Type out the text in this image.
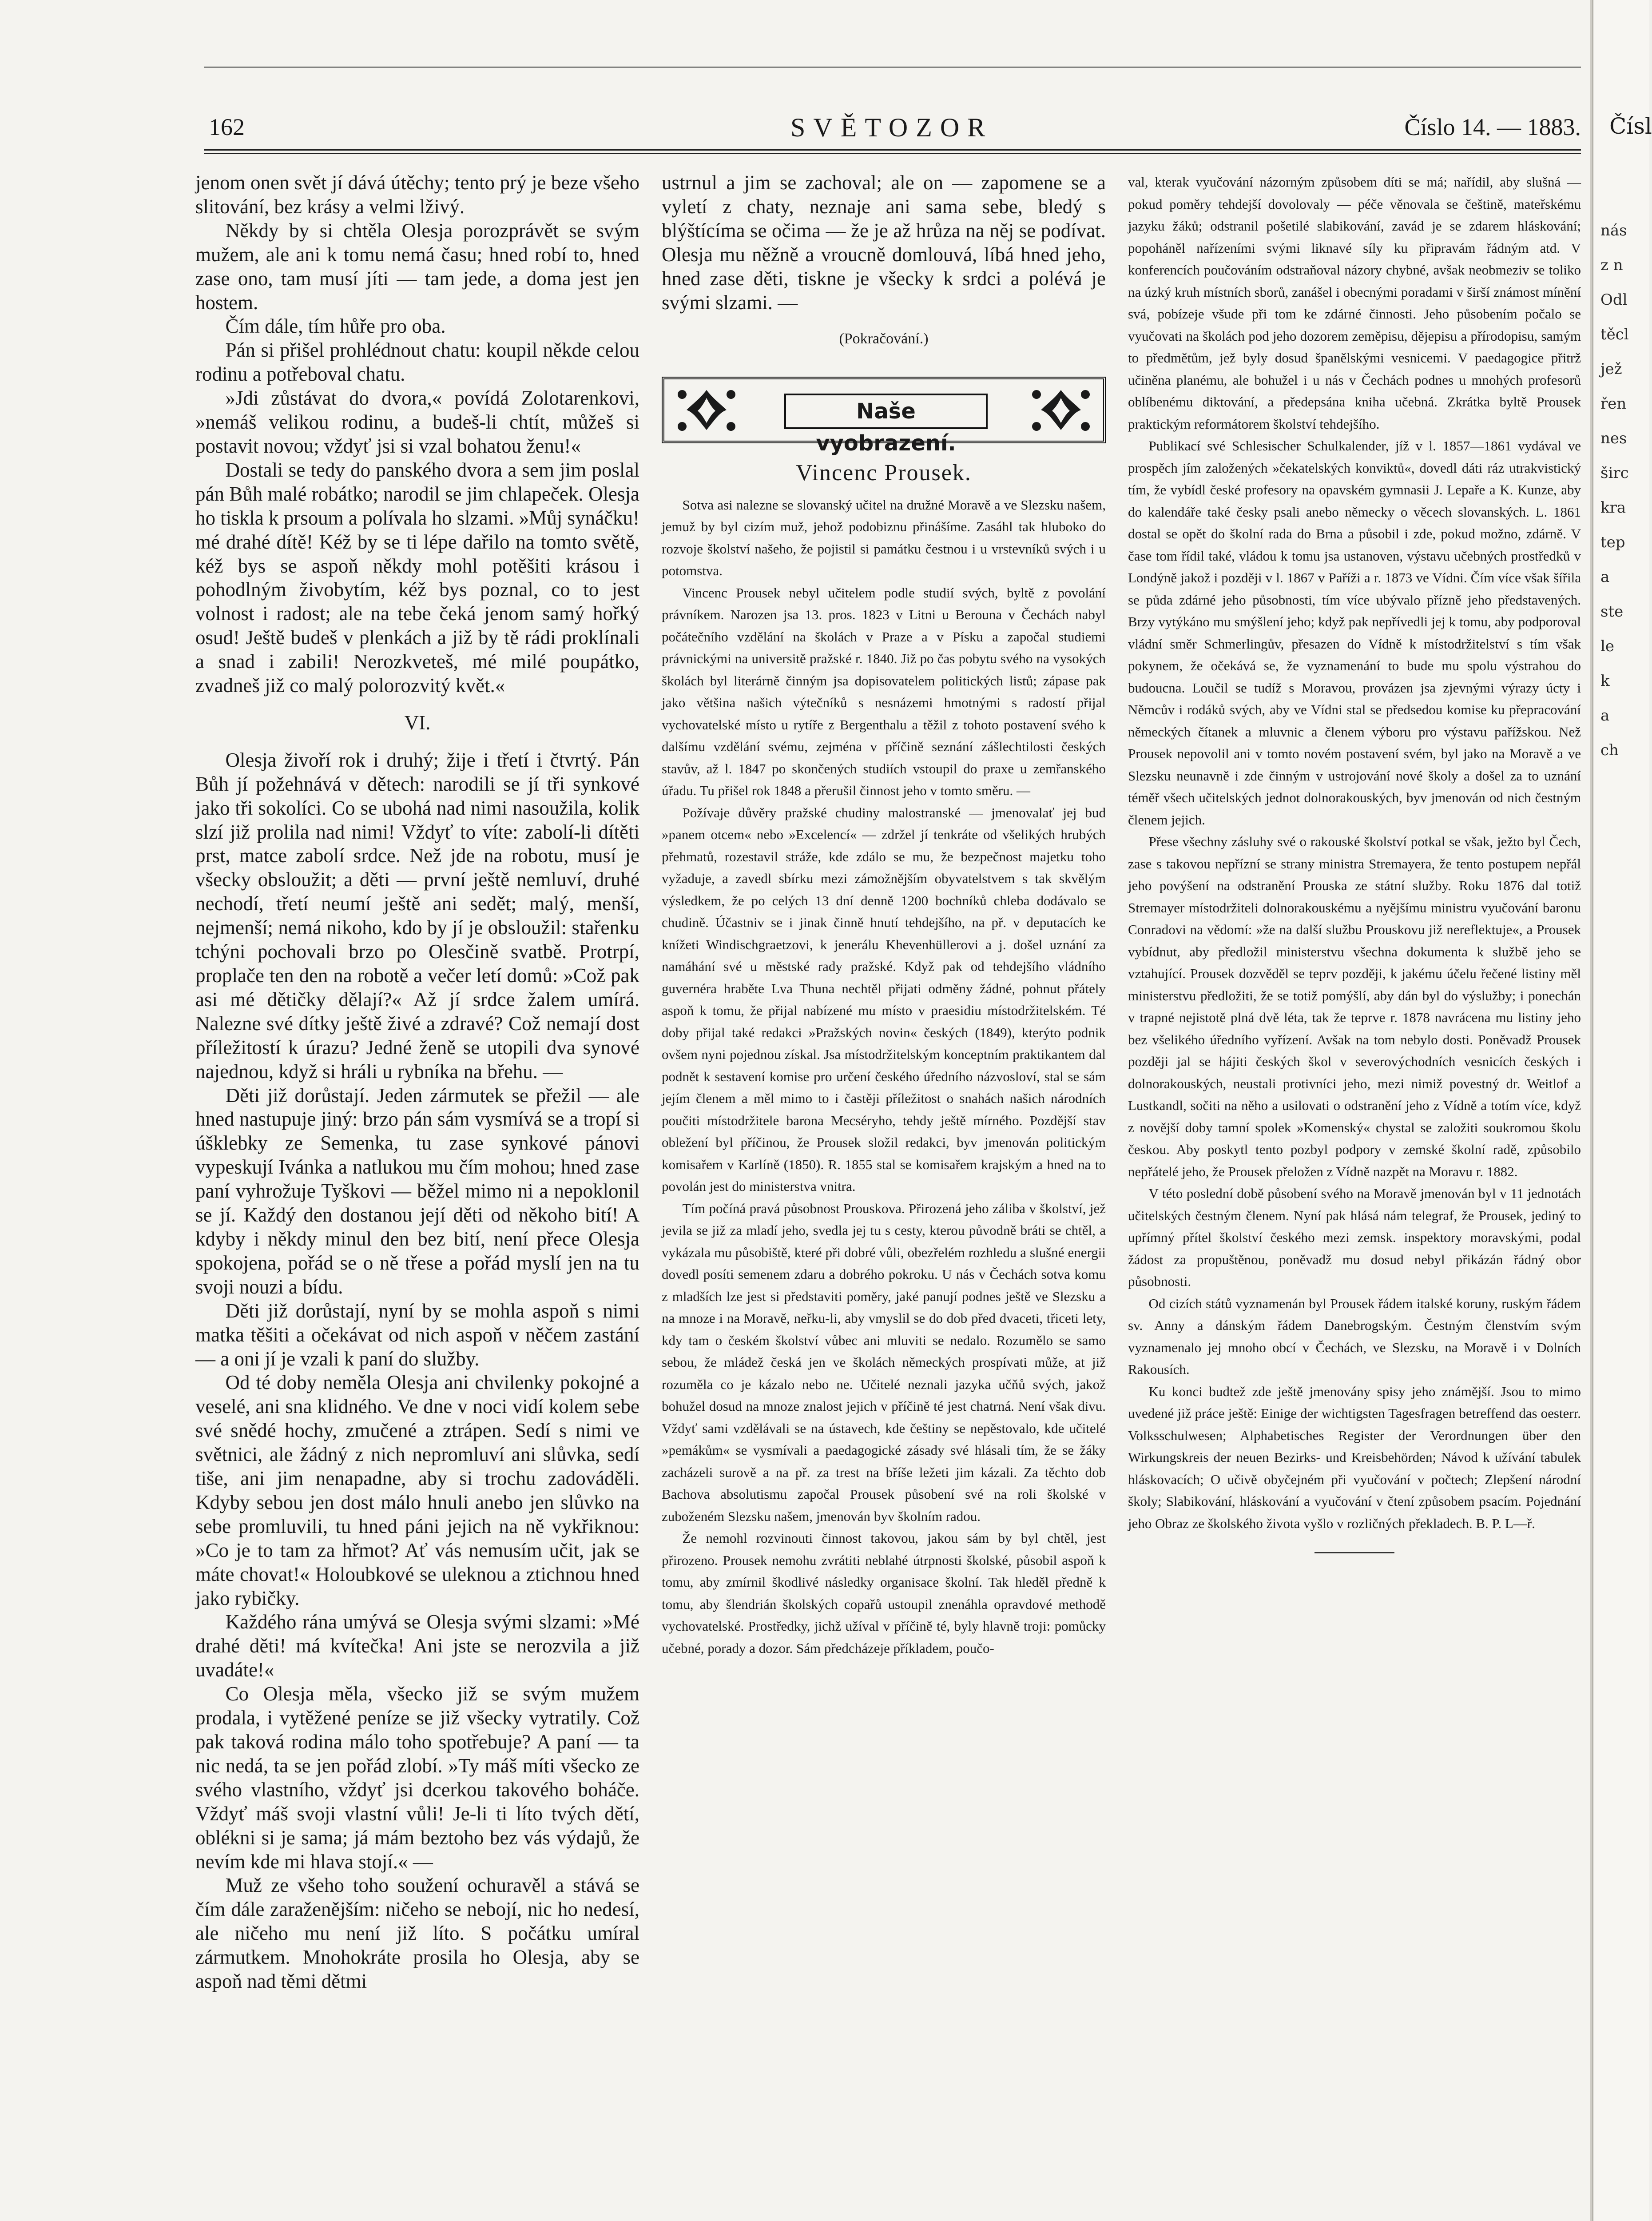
162	SVĚTOZOR	Číslo 14. — 1883.

jenom onen svět jí dává útěchy; tento prý je beze všeho slitování, bez krásy a velmi lživý.

Někdy by si chtěla Olesja porozprávět se svým mužem, ale ani k tomu nemá času; hned robí to, hned zase ono, tam musí jíti — tam jede, a doma jest jen hostem.

Čím dále, tím hůře pro oba.

Pán si přišel prohlédnout chatu: koupil někde celou rodinu a potřeboval chatu.

»Jdi zůstávat do dvora,« povídá Zolotarenkovi, »nemáš velikou rodinu, a budeš-li chtít, můžeš si postavit novou; vždyť jsi si vzal bohatou ženu!«

Dostali se tedy do panského dvora a sem jim poslal pán Bůh malé robátko; narodil se jim chlapeček. Olesja ho tiskla k prsoum a polívala ho slzami. »Můj synáčku! mé drahé dítě! Kéž by se ti lépe dařilo na tomto světě, kéž bys se aspoň někdy mohl potěšiti krásou i pohodlným živobytím, kéž bys poznal, co to jest volnost i radost; ale na tebe čeká jenom samý hořký osud! Ještě budeš v plenkách a již by tě rádi proklínali a snad i zabili! Nerozkveteš, mé milé poupátko, zvadneš již co malý polorozvitý květ.«

VI.

Olesja živoří rok i druhý; žije i třetí i čtvrtý. Pán Bůh jí požehnává v dětech: narodili se jí tři synkové jako tři sokolíci. Co se ubohá nad nimi nasoužila, kolik slzí již prolila nad nimi! Vždyť to víte: zabolí-li dítěti prst, matce zabolí srdce. Než jde na robotu, musí je všecky obsloužit; a děti — první ještě nemluví, druhé nechodí, třetí neumí ještě ani sedět; malý, menší, nejmenší; nemá nikoho, kdo by jí je obsloužil: stařenku tchýni pochovali brzo po Olesčině svatbě. Protrpí, proplače ten den na robotě a večer letí domů: »Což pak asi mé dětičky dělají?« Až jí srdce žalem umírá. Nalezne své dítky ještě živé a zdravé? Což nemají dost příležitostí k úrazu? Jedné ženě se utopili dva synové najednou, když si hráli u rybníka na břehu. —

Děti již dorůstají. Jeden zármutek se přežil — ale hned nastupuje jiný: brzo pán sám vysmívá se a tropí si úšklebky ze Semenka, tu zase synkové pánovi vypeskují Ivánka a natlukou mu čím mohou; hned zase paní vyhrožuje Tyškovi — běžel mimo ni a nepoklonil se jí. Každý den dostanou její děti od někoho bití! A kdyby i někdy minul den bez bití, není přece Olesja spokojena, pořád se o ně třese a pořád myslí jen na tu svoji nouzi a bídu.

Děti již dorůstají, nyní by se mohla aspoň s nimi matka těšiti a očekávat od nich aspoň v něčem zastání — a oni jí je vzali k paní do služby.

Od té doby neměla Olesja ani chvilenky pokojné a veselé, ani sna klidného. Ve dne v noci vidí kolem sebe své snědé hochy, zmučené a ztrápen. Sedí s nimi ve světnici, ale žádný z nich nepromluví ani slůvka, sedí tiše, ani jim nenapadne, aby si trochu zadováděli. Kdyby sebou jen dost málo hnuli anebo jen slůvko na sebe promluvili, tu hned páni jejich na ně vykřiknou: »Co je to tam za hřmot? Ať vás nemusím učit, jak se máte chovat!« Holoubkové se uleknou a ztichnou hned jako rybičky.

Každého rána umývá se Olesja svými slzami: »Mé drahé děti! má kvítečka! Ani jste se nerozvila a již uvadáte!«

Co Olesja měla, všecko již se svým mužem prodala, i vytěžené peníze se již všecky vytratily. Což pak taková rodina málo toho spotřebuje? A paní — ta nic nedá, ta se jen pořád zlobí. »Ty máš míti všecko ze svého vlastního, vždyť jsi dcerkou takového boháče. Vždyť máš svoji vlastní vůli! Je-li ti líto tvých dětí, oblékni si je sama; já mám beztoho bez vás výdajů, že nevím kde mi hlava stojí.« —

Muž ze všeho toho soužení ochuravěl a stává se čím dále zaraženějším: ničeho se nebojí, nic ho nedesí, ale ničeho mu není již líto. S počátku umíral zármutkem. Mnohokráte prosila ho Olesja, aby se aspoň nad těmi dětmi

ustrnul a jim se zachoval; ale on — zapomene se a vyletí z chaty, neznaje ani sama sebe, bledý s blýštícíma se očima — že je až hrůza na něj se podívat. Olesja mu něžně a vroucně domlouvá, líbá hned jeho, hned zase děti, tiskne je všecky k srdci a polévá je svými slzami. —

(Pokračování.)

Naše vyobrazení.
Vincenc Prousek.

Sotva asi nalezne se slovanský učitel na družné Moravě a ve Slezsku našem, jemuž by byl cizím muž, jehož podobiznu přinášíme. Zasáhl tak hluboko do rozvoje školství našeho, že pojistil si památku čestnou i u vrstevníků svých i u potomstva.

Vincenc Prousek nebyl učitelem podle studií svých, byltě z povolání právníkem. Narozen jsa 13. pros. 1823 v Litni u Berouna v Čechách nabyl počátečního vzdělání na školách v Praze a v Písku a započal studiemi právnickými na universitě pražské r. 1840. Již po čas pobytu svého na vysokých školách byl literárně činným jsa dopisovatelem politických listů; zápase pak jako většina našich výtečníků s nesnázemi hmotnými s radostí přijal vychovatelské místo u rytíře z Bergenthalu a těžil z tohoto postavení svého k dalšímu vzdělání svému, zejména v příčině seznání zášlechtilosti českých stavův, až l. 1847 po skončených studiích vstoupil do praxe u zemřanského úřadu. Tu přišel rok 1848 a přerušil činnost jeho v tomto směru. —

Požívaje důvěry pražské chudiny malostranské — jmenovalať jej bud »panem otcem« nebo »Excelencí« — zdržel jí tenkráte od všelikých hrubých přehmatů, rozestavil stráže, kde zdálo se mu, že bezpečnost majetku toho vyžaduje, a zavedl sbírku mezi zámožnějším obyvatelstvem s tak skvělým výsledkem, že po celých 13 dní denně 1200 bochníků chleba dodávalo se chudině. Účastniv se i jinak činně hnutí tehdejšího, na př. v deputacích ke knížeti Windischgraetzovi, k jenerálu Khevenhüllerovi a j. došel uznání za namáhání své u městské rady pražské. Když pak od tehdejšího vládního guvernéra hraběte Lva Thuna nechtěl přijati odměny žádné, pohnut přátely aspoň k tomu, že přijal nabízené mu místo v praesidiu místodržitelském. Té doby přijal také redakci »Pražských novin« českých (1849), kterýto podnik ovšem nyni pojednou získal. Jsa místodržitelským konceptním praktikantem dal podnět k sestavení komise pro určení českého úředního názvosloví, stal se sám jejím členem a měl mimo to i častěji příležitost o snahách našich národních poučiti místodržitele barona Mecséryho, tehdy ještě mírného. Pozdější stav obležení byl příčinou, že Prousek složil redakci, byv jmenován politickým komisařem v Karlíně (1850). R. 1855 stal se komisařem krajským a hned na to povolán jest do ministerstva vnitra.

Tím počíná pravá působnost Prouskova. Přirozená jeho záliba v školství, jež jevila se již za mladí jeho, svedla jej tu s cesty, kterou původně bráti se chtěl, a vykázala mu působiště, které při dobré vůli, obezřelém rozhledu a slušné energii dovedl posíti semenem zdaru a dobrého pokroku. U nás v Čechách sotva komu z mladších lze jest si představiti poměry, jaké panují podnes ještě ve Slezsku a na mnoze i na Moravě, neřku-li, aby vmyslil se do dob před dvaceti, třiceti lety, kdy tam o českém školství vůbec ani mluviti se nedalo. Rozumělo se samo sebou, že mládež česká jen ve školách německých prospívati může, at již rozuměla co je kázalo nebo ne. Učitelé neznali jazyka učňů svých, jakož bohužel dosud na mnoze znalost jejich v příčině té jest chatrná. Není však divu. Vždyť sami vzdělávali se na ústavech, kde češtiny se nepěstovalo, kde učitelé »pemákům« se vysmívali a paedagogické zásady své hlásali tím, že se žáky zacházeli surově a na př. za trest na bříše ležeti jim kázali. Za těchto dob Bachova absolutismu započal Prousek působení své na roli školské v zuboženém Slezsku našem, jmenován byv školním radou.

Že nemohl rozvinouti činnost takovou, jakou sám by byl chtěl, jest přirozeno. Prousek nemohu zvrátiti neblahé útrpnosti školské, působil aspoň k tomu, aby zmírnil škodlivé následky organisace školní. Tak hleděl předně k tomu, aby šlendrián školských copařů ustoupil znenáhla opravdové methodě vychovatelské. Prostředky, jichž užíval v příčině té, byly hlavně troji: pomůcky učebné, porady a dozor. Sám předcházeje příkladem, poučo-

val, kterak vyučování názorným způsobem díti se má; nařídil, aby slušná — pokud poměry tehdejší dovolovaly — péče věnovala se češtině, mateřskému jazyku žáků; odstranil pošetilé slabikování, zavád je se zdarem hláskování; popoháněl nařízeními svými liknavé síly ku připravám řádným atd. V konferencích poučováním odstraňoval názory chybné, avšak neobmeziv se toliko na úzký kruh místních sborů, zanášel i obecnými poradami v širší známost mínění svá, pobízeje všude při tom ke zdárné činnosti. Jeho působením počalo se vyučovati na školách pod jeho dozorem zeměpisu, dějepisu a přírodopisu, samým to předmětům, jež byly dosud španělskými vesnicemi. V paedagogice přitrž učiněna planému, ale bohužel i u nás v Čechách podnes u mnohých profesorů oblíbenému diktování, a předepsána kniha učebná. Zkrátka byltě Prousek praktickým reformátorem školství tehdejšího.

Publikací své Schlesischer Schulkalender, jíž v l. 1857—1861 vydával ve prospěch jím založených »čekatelských konviktů«, dovedl dáti ráz utrakvistický tím, že vybídl české profesory na opavském gymnasii J. Lepaře a K. Kunze, aby do kalendáře také česky psali anebo německy o věcech slovanských. L. 1861 dostal se opět do školní rada do Brna a působil i zde, pokud možno, zdárně. V čase tom řídil také, vládou k tomu jsa ustanoven, výstavu učebných prostředků v Londýně jakož i později v l. 1867 v Paříži a r. 1873 ve Vídni. Čím více však šířila se půda zdárné jeho působnosti, tím více ubývalo přízně jeho představených. Brzy vytýkáno mu smýšlení jeho; když pak nepřívedli jej k tomu, aby podporoval vládní směr Schmerlingův, přesazen do Vídně k místodržitelství s tím však pokynem, že očekává se, že vyznamenání to bude mu spolu výstrahou do budoucna. Loučil se tudíž s Moravou, provázen jsa zjevnými výrazy úcty i Němcův i rodáků svých, aby ve Vídni stal se předsedou komise ku přepracování německých čítanek a mluvnic a členem výboru pro výstavu pařížskou. Než Prousek nepovolil ani v tomto novém postavení svém, byl jako na Moravě a ve Slezsku neunavně i zde činným v ustrojování nové školy a došel za to uznání téměř všech učitelských jednot dolnorakouských, byv jmenován od nich čestným členem jejich.

Přese všechny zásluhy své o rakouské školství potkal se však, ježto byl Čech, zase s takovou nepřízní se strany ministra Stremayera, že tento postupem nepřál jeho povýšení na odstranění Prouska ze státní služby. Roku 1876 dal totiž Stremayer místodržiteli dolnorakouskému a nyějšímu ministru vyučování baronu Conradovi na vědomí: »že na další službu Prouskovu již nereflektuje«, a Prousek vybídnut, aby předložil ministerstvu všechna dokumenta k službě jeho se vztahující. Prousek dozvěděl se teprv později, k jakému účelu řečené listiny měl ministerstvu předložiti, že se totiž pomýšlí, aby dán byl do výslužby; i ponechán v trapné nejistotě plná dvě léta, tak že teprve r. 1878 navrácena mu listiny jeho bez všelikého úředního vyřízení. Avšak na tom nebylo dosti. Poněvadž Prousek později jal se hájiti českých škol v severovýchodních vesnicích českých i dolnorakouských, neustali protivníci jeho, mezi nimiž povestný dr. Weitlof a Lustkandl, sočiti na něho a usilovati o odstranění jeho z Vídně a totím více, když z novější doby tamní spolek »Komenský« chystal se založiti soukromou školu českou. Aby poskytl tento pozbyl podpory v zemské školní radě, způsobilo nepřátelé jeho, že Prousek přeložen z Vídně nazpět na Moravu r. 1882.

V této poslední době působení svého na Moravě jmenován byl v 11 jednotách učitelských čestným členem. Nyní pak hlásá nám telegraf, že Prousek, jediný to upřímný přítel školství českého mezi zemsk. inspektory moravskými, podal žádost za propuštěnou, poněvadž mu dosud nebyl přikázán řádný obor působnosti.

Od cizích států vyznamenán byl Prousek řádem italské koruny, ruským řádem sv. Anny a dánským řádem Danebrogským. Čestným členstvím svým vyznamenalo jej mnoho obcí v Čechách, ve Slezsku, na Moravě i v Dolních Rakousích.

Ku konci budtež zde ještě jmenovány spisy jeho známější. Jsou to mimo uvedené již práce ještě: Einige der wichtigsten Tagesfragen betreffend das oesterr. Volksschulwesen; Alphabetisches Register der Verordnungen über den Wirkungskreis der neuen Bezirks- und Kreisbehörden; Návod k užívání tabulek hláskovacích; O učivě obyčejném při vyučování v počtech; Zlepšení národní školy; Slabikování, hláskování a vyučování v čtení způsobem psacím. Pojednání jeho Obraz ze školského života vyšlo v rozličných překladech. B. P. L—ř.

Čísl
nás
z n
Odl
těcl
jež
řen
nes
širc
kra
tep
a
ste
le
k
a
ch
